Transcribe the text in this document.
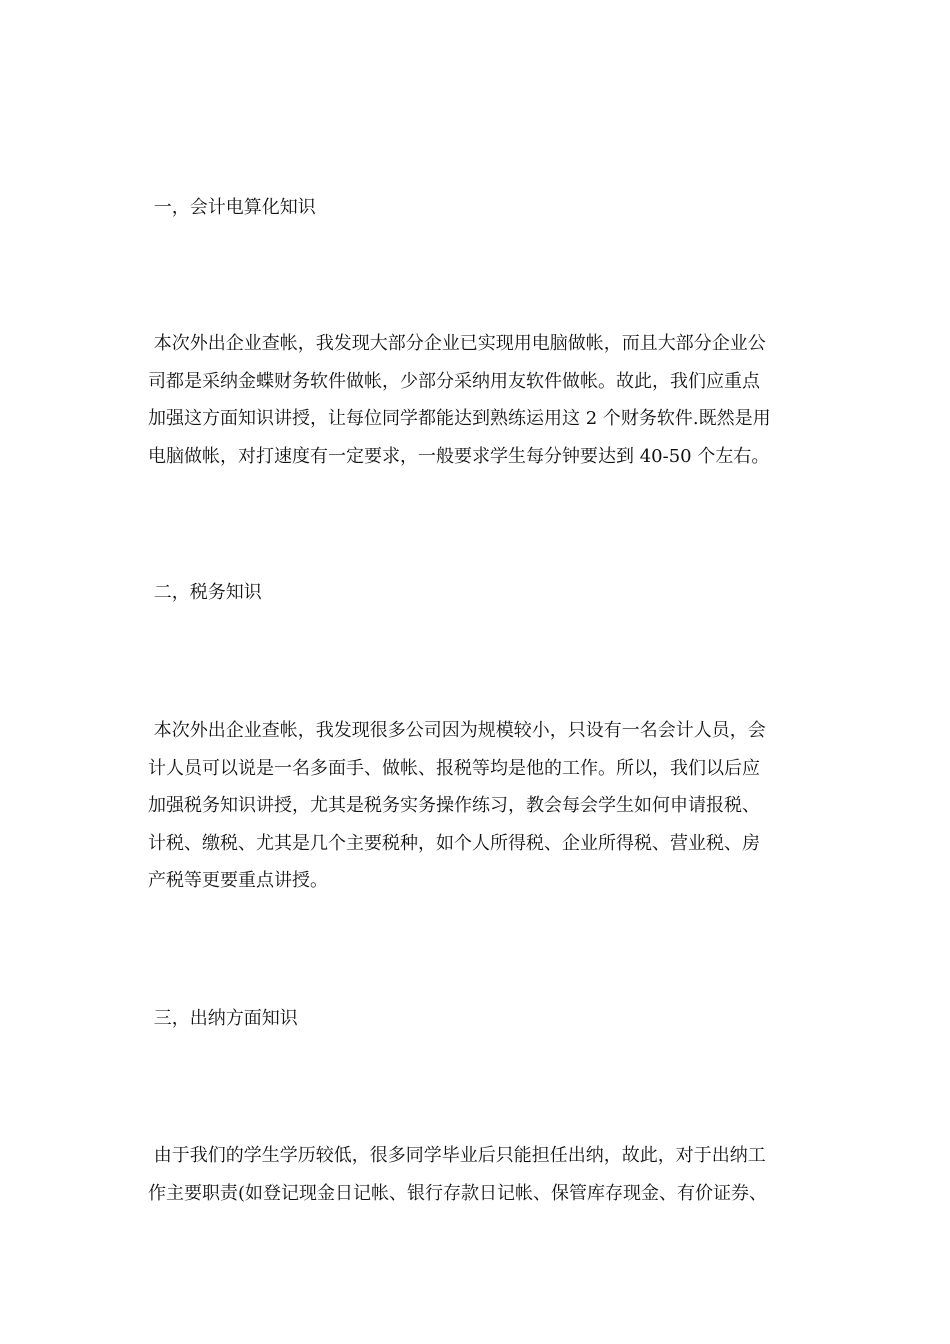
一，会计电算化知识
本次外出企业查帐，我发现大部分企业已实现用电脑做帐，而且大部分企业公
司都是采纳金蝶财务软件做帐，少部分采纳用友软件做帐。故此，我们应重点
加强这方面知识讲授，让每位同学都能达到熟练运用这 2 个财务软件.既然是用
电脑做帐，对打速度有一定要求，一般要求学生每分钟要达到 40-50 个左右。
二，税务知识
本次外出企业查帐，我发现很多公司因为规模较小，只设有一名会计人员，会
计人员可以说是一名多面手、做帐、报税等均是他的工作。所以，我们以后应
加强税务知识讲授，尤其是税务实务操作练习，教会每会学生如何申请报税、
计税、缴税、尤其是几个主要税种，如个人所得税、企业所得税、营业税、房
产税等更要重点讲授。
三，出纳方面知识
由于我们的学生学历较低，很多同学毕业后只能担任出纳，故此，对于出纳工
作主要职责(如登记现金日记帐、银行存款日记帐、保管库存现金、有价证券、
